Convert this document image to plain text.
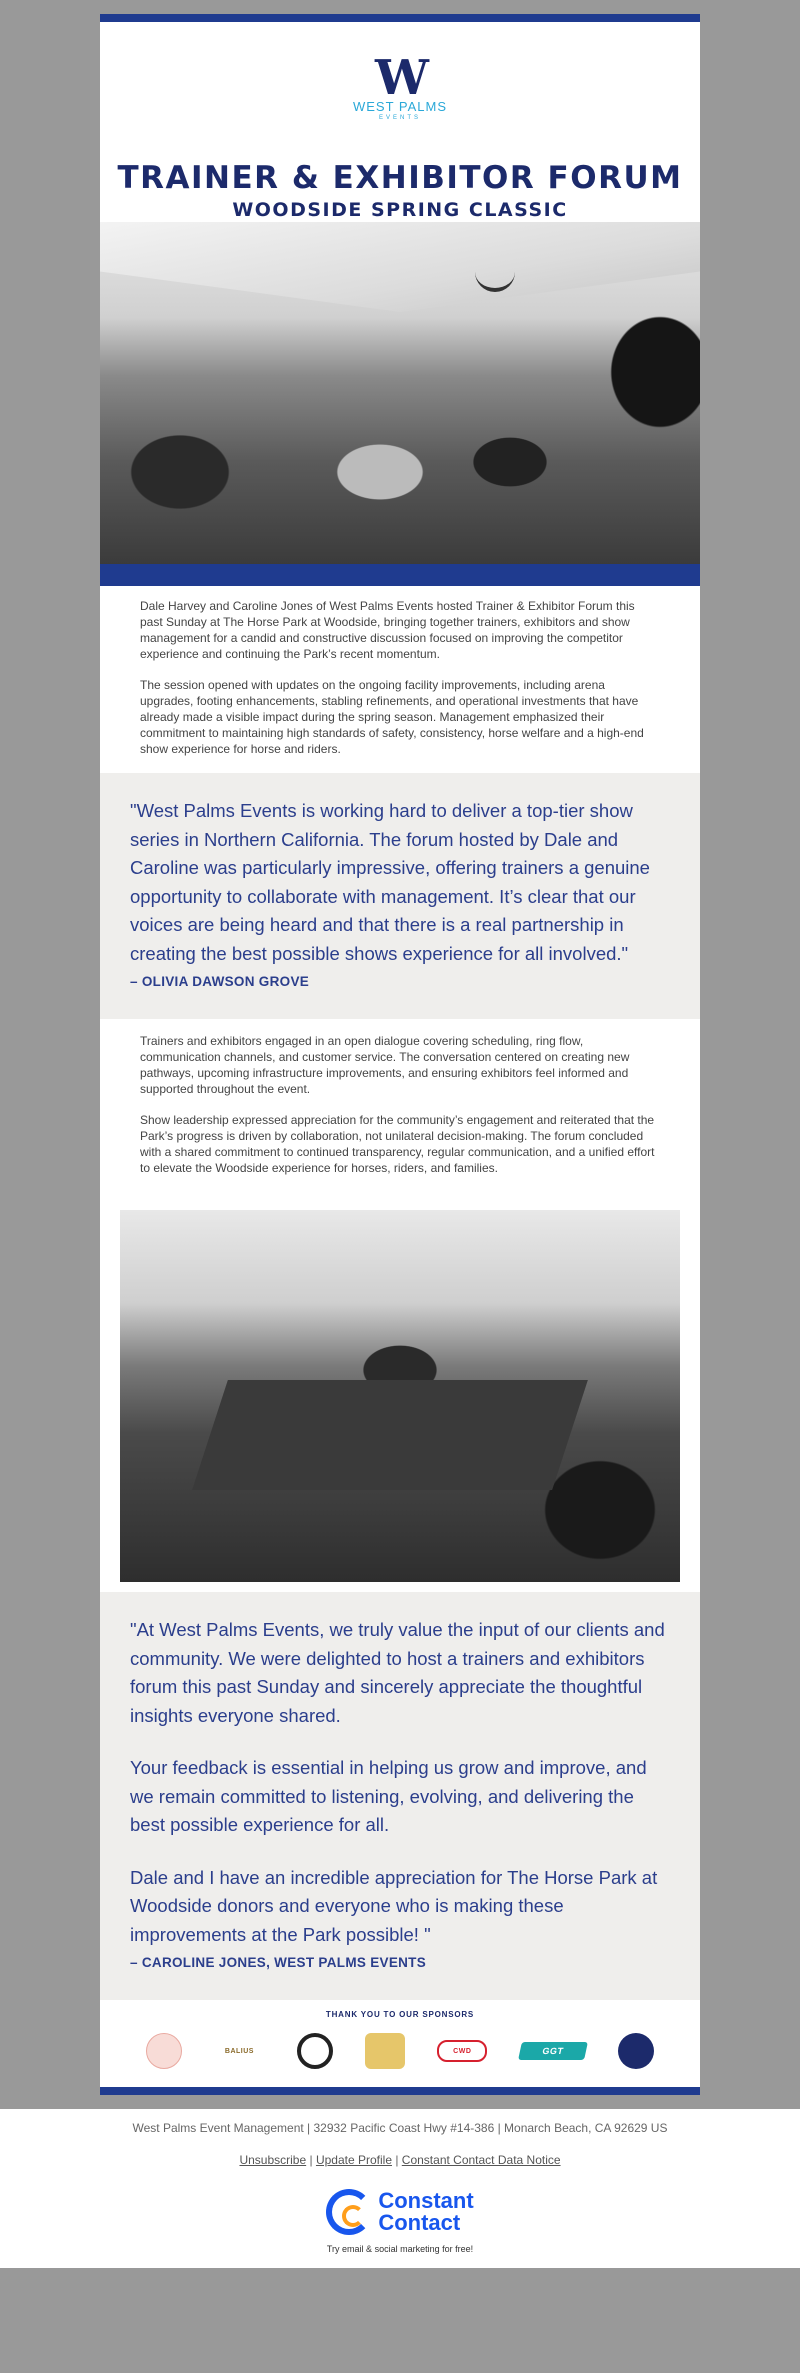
W
WEST PALMS
EVENTS
TRAINER & EXHIBITOR FORUM
WOODSIDE SPRING CLASSIC

Dale Harvey and Caroline Jones of West Palms Events hosted Trainer & Exhibitor Forum this past Sunday at The Horse Park at Woodside, bringing together trainers, exhibitors and show management for a candid and constructive discussion focused on improving the competitor experience and continuing the Park’s recent momentum.

The session opened with updates on the ongoing facility improvements, including arena upgrades, footing enhancements, stabling refinements, and operational investments that have already made a visible impact during the spring season. Management emphasized their commitment to maintaining high standards of safety, consistency, horse welfare and a high-end show experience for horse and riders.

"West Palms Events is working hard to deliver a top-tier show series in Northern California. The forum hosted by Dale and Caroline was particularly impressive, offering trainers a genuine opportunity to collaborate with management. It’s clear that our voices are being heard and that there is a real partnership in creating the best possible shows experience for all involved."
– OLIVIA DAWSON GROVE

Trainers and exhibitors engaged in an open dialogue covering scheduling, ring flow, communication channels, and customer service. The conversation centered on creating new pathways, upcoming infrastructure improvements, and ensuring exhibitors feel informed and supported throughout the event.

Show leadership expressed appreciation for the community’s engagement and reiterated that the Park’s progress is driven by collaboration, not unilateral decision-making. The forum concluded with a shared commitment to continued transparency, regular communication, and a unified effort to elevate the Woodside experience for horses, riders, and families.

"At West Palms Events, we truly value the input of our clients and community. We were delighted to host a trainers and exhibitors forum this past Sunday and sincerely appreciate the thoughtful insights everyone shared.
Your feedback is essential in helping us grow and improve, and we remain committed to listening, evolving, and delivering the best possible experience for all.
Dale and I have an incredible appreciation for The Horse Park at Woodside donors and everyone who is making these improvements at the Park possible! "
– CAROLINE JONES, WEST PALMS EVENTS
THANK YOU TO OUR SPONSORS
BALIUS	CWD	GGT
West Palms Event Management | 32932 Pacific Coast Hwy #14-386 | Monarch Beach, CA 92629 US
Unsubscribe | Update Profile | Constant Contact Data Notice
Constant
Contact
Try email & social marketing for free!
